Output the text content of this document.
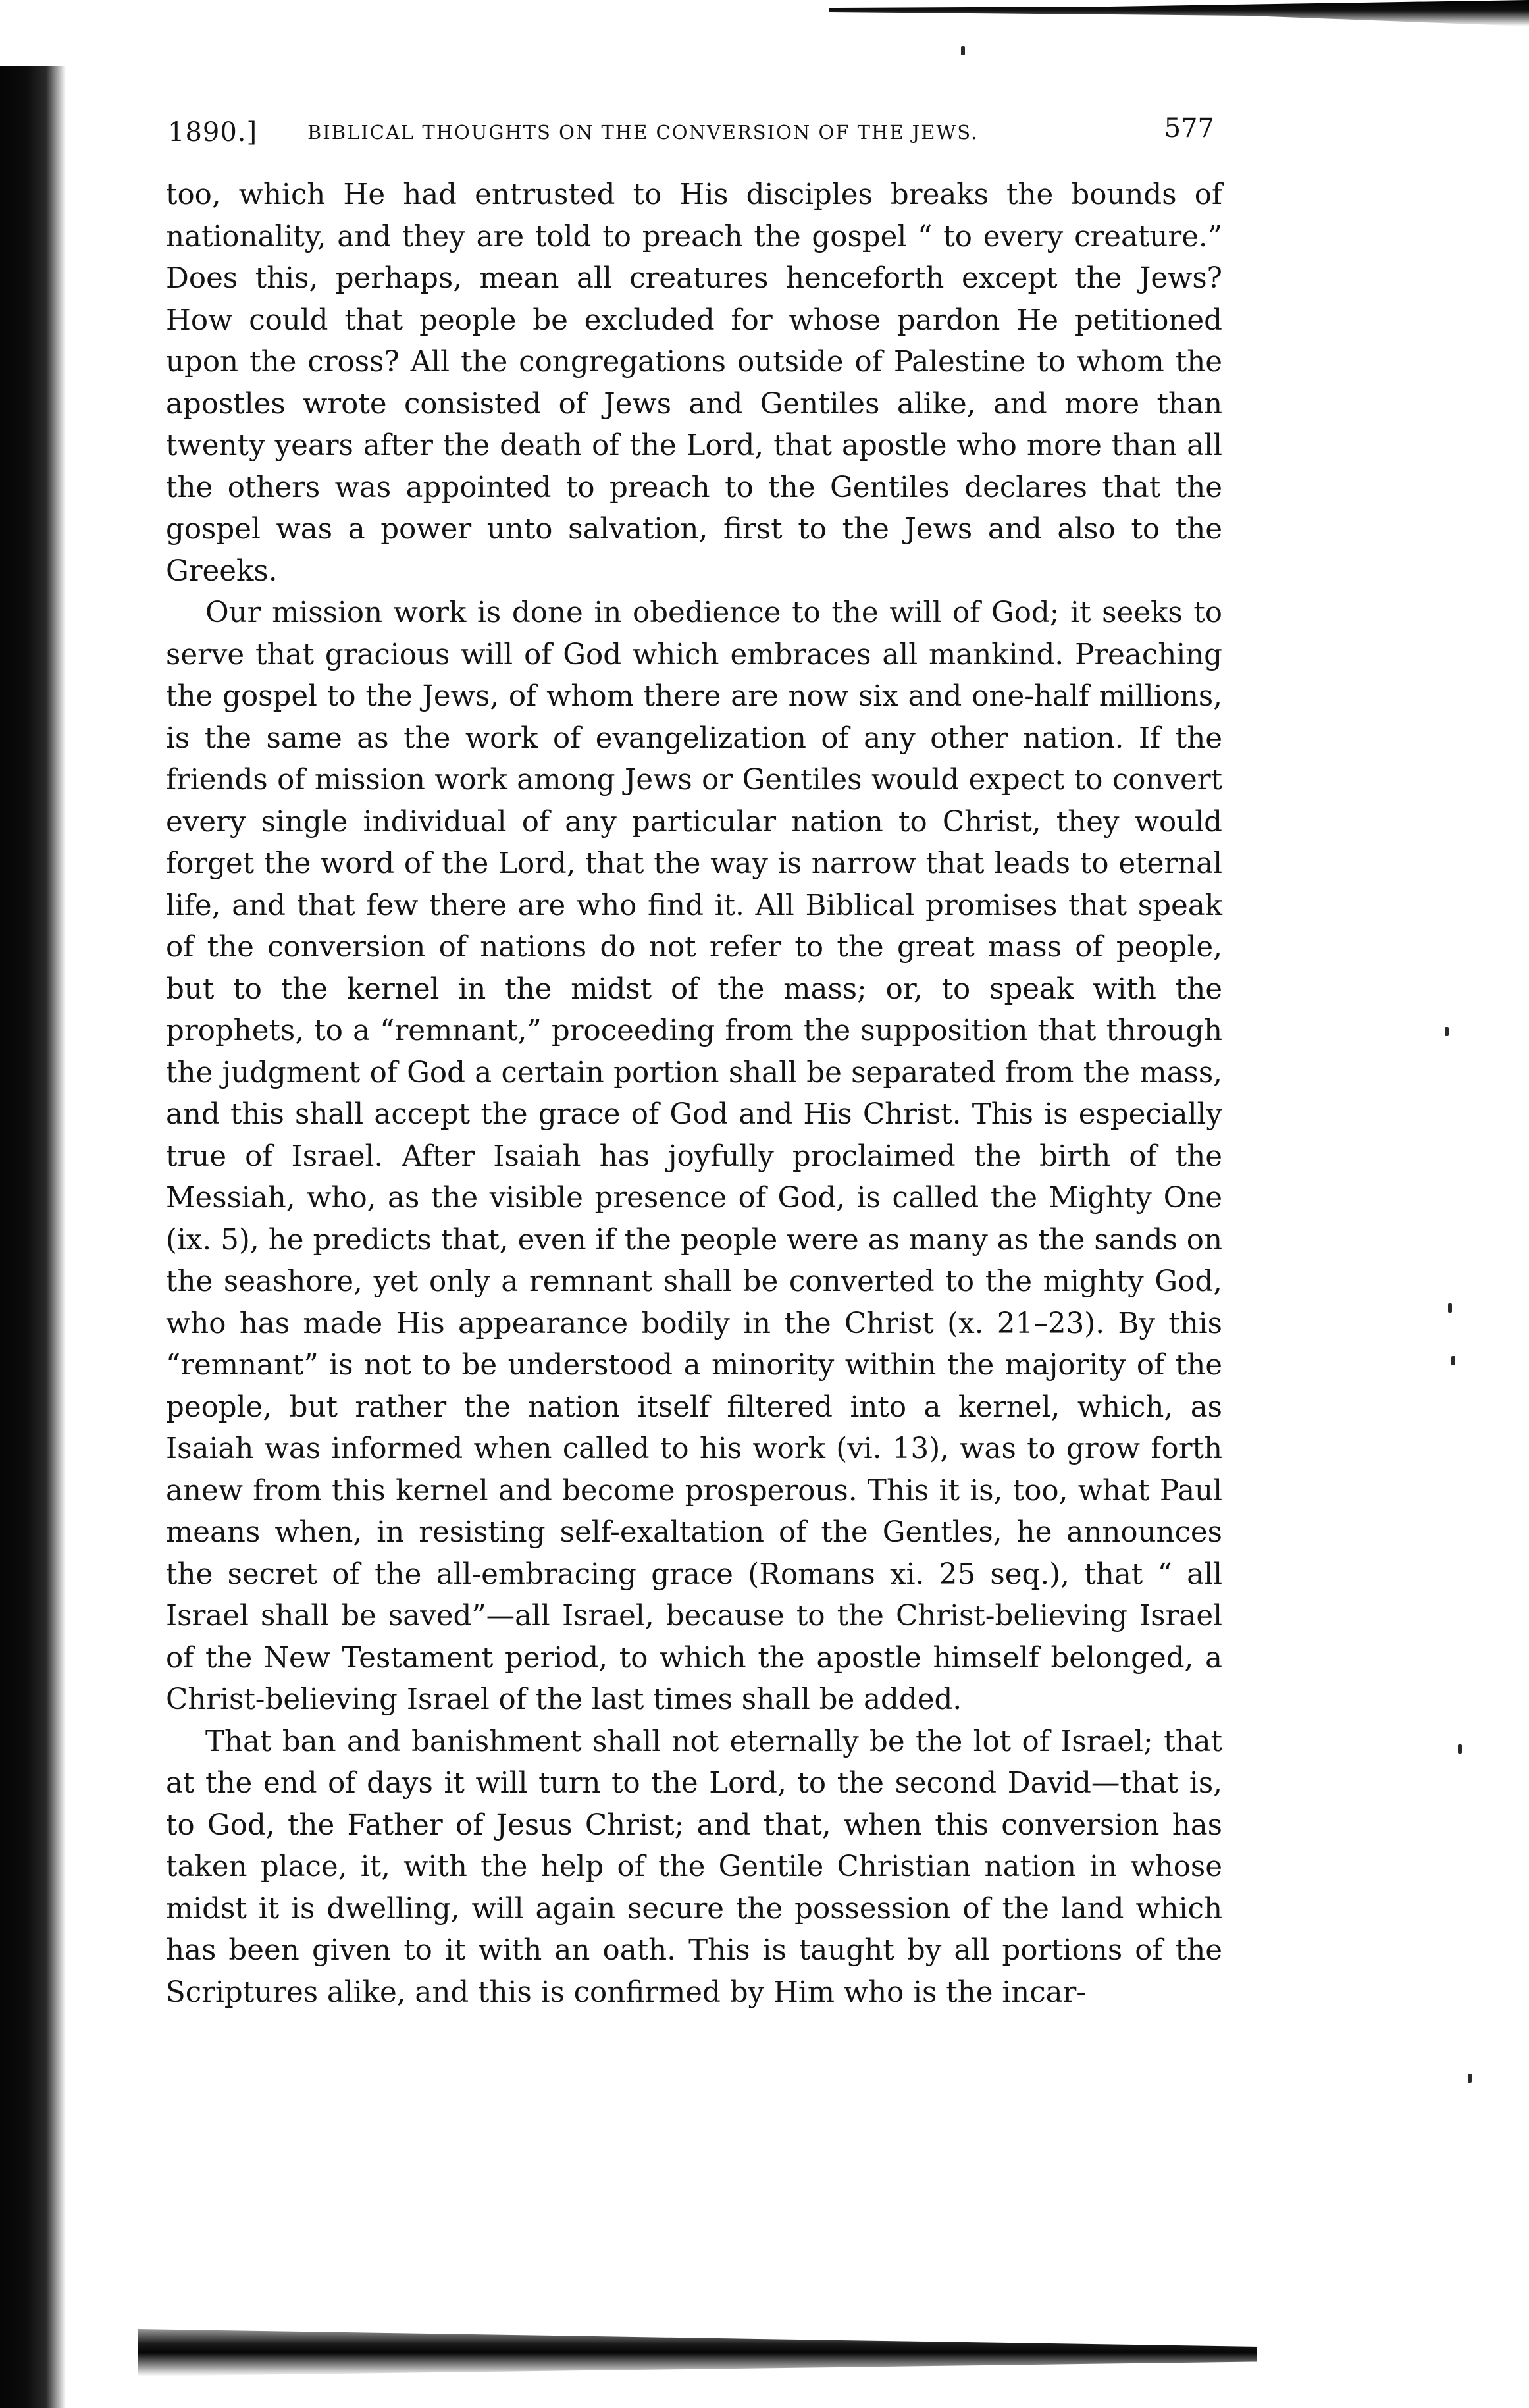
1890.]	BIBLICAL THOUGHTS ON THE CONVERSION OF THE JEWS.	577

too, which He had entrusted to His disciples breaks the bounds of nationality, and they are told to preach the gospel “ to every creature.” Does this, perhaps, mean all creatures henceforth except the Jews? How could that people be excluded for whose pardon He petitioned upon the cross? All the congregations outside of Palestine to whom the apostles wrote consisted of Jews and Gentiles alike, and more than twenty years after the death of the Lord, that apostle who more than all the others was appointed to preach to the Gentiles declares that the gospel was a power unto salvation, first to the Jews and also to the Greeks.

Our mission work is done in obedience to the will of God; it seeks to serve that gracious will of God which embraces all mankind. Preaching the gospel to the Jews, of whom there are now six and one-half millions, is the same as the work of evangelization of any other nation. If the friends of mission work among Jews or Gentiles would expect to convert every single individual of any particular nation to Christ, they would forget the word of the Lord, that the way is narrow that leads to eternal life, and that few there are who find it. All Biblical promises that speak of the conversion of nations do not refer to the great mass of people, but to the kernel in the midst of the mass; or, to speak with the prophets, to a “remnant,” proceeding from the supposition that through the judgment of God a certain portion shall be separated from the mass, and this shall accept the grace of God and His Christ. This is especially true of Israel. After Isaiah has joyfully proclaimed the birth of the Messiah, who, as the visible presence of God, is called the Mighty One (ix. 5), he predicts that, even if the people were as many as the sands on the seashore, yet only a remnant shall be converted to the mighty God, who has made His appearance bodily in the Christ (x. 21–23). By this “remnant” is not to be understood a minority within the majority of the people, but rather the nation itself filtered into a kernel, which, as Isaiah was informed when called to his work (vi. 13), was to grow forth anew from this kernel and become prosperous. This it is, too, what Paul means when, in resisting self-exaltation of the Gentles, he announces the secret of the all-embracing grace (Romans xi. 25 seq.), that “ all Israel shall be saved”—all Israel, because to the Christ-believing Israel of the New Testament period, to which the apostle himself belonged, a Christ-believing Israel of the last times shall be added.

That ban and banishment shall not eternally be the lot of Israel; that at the end of days it will turn to the Lord, to the second David—that is, to God, the Father of Jesus Christ; and that, when this conversion has taken place, it, with the help of the Gentile Christian nation in whose midst it is dwelling, will again secure the possession of the land which has been given to it with an oath. This is taught by all portions of the Scriptures alike, and this is confirmed by Him who is the incar-
